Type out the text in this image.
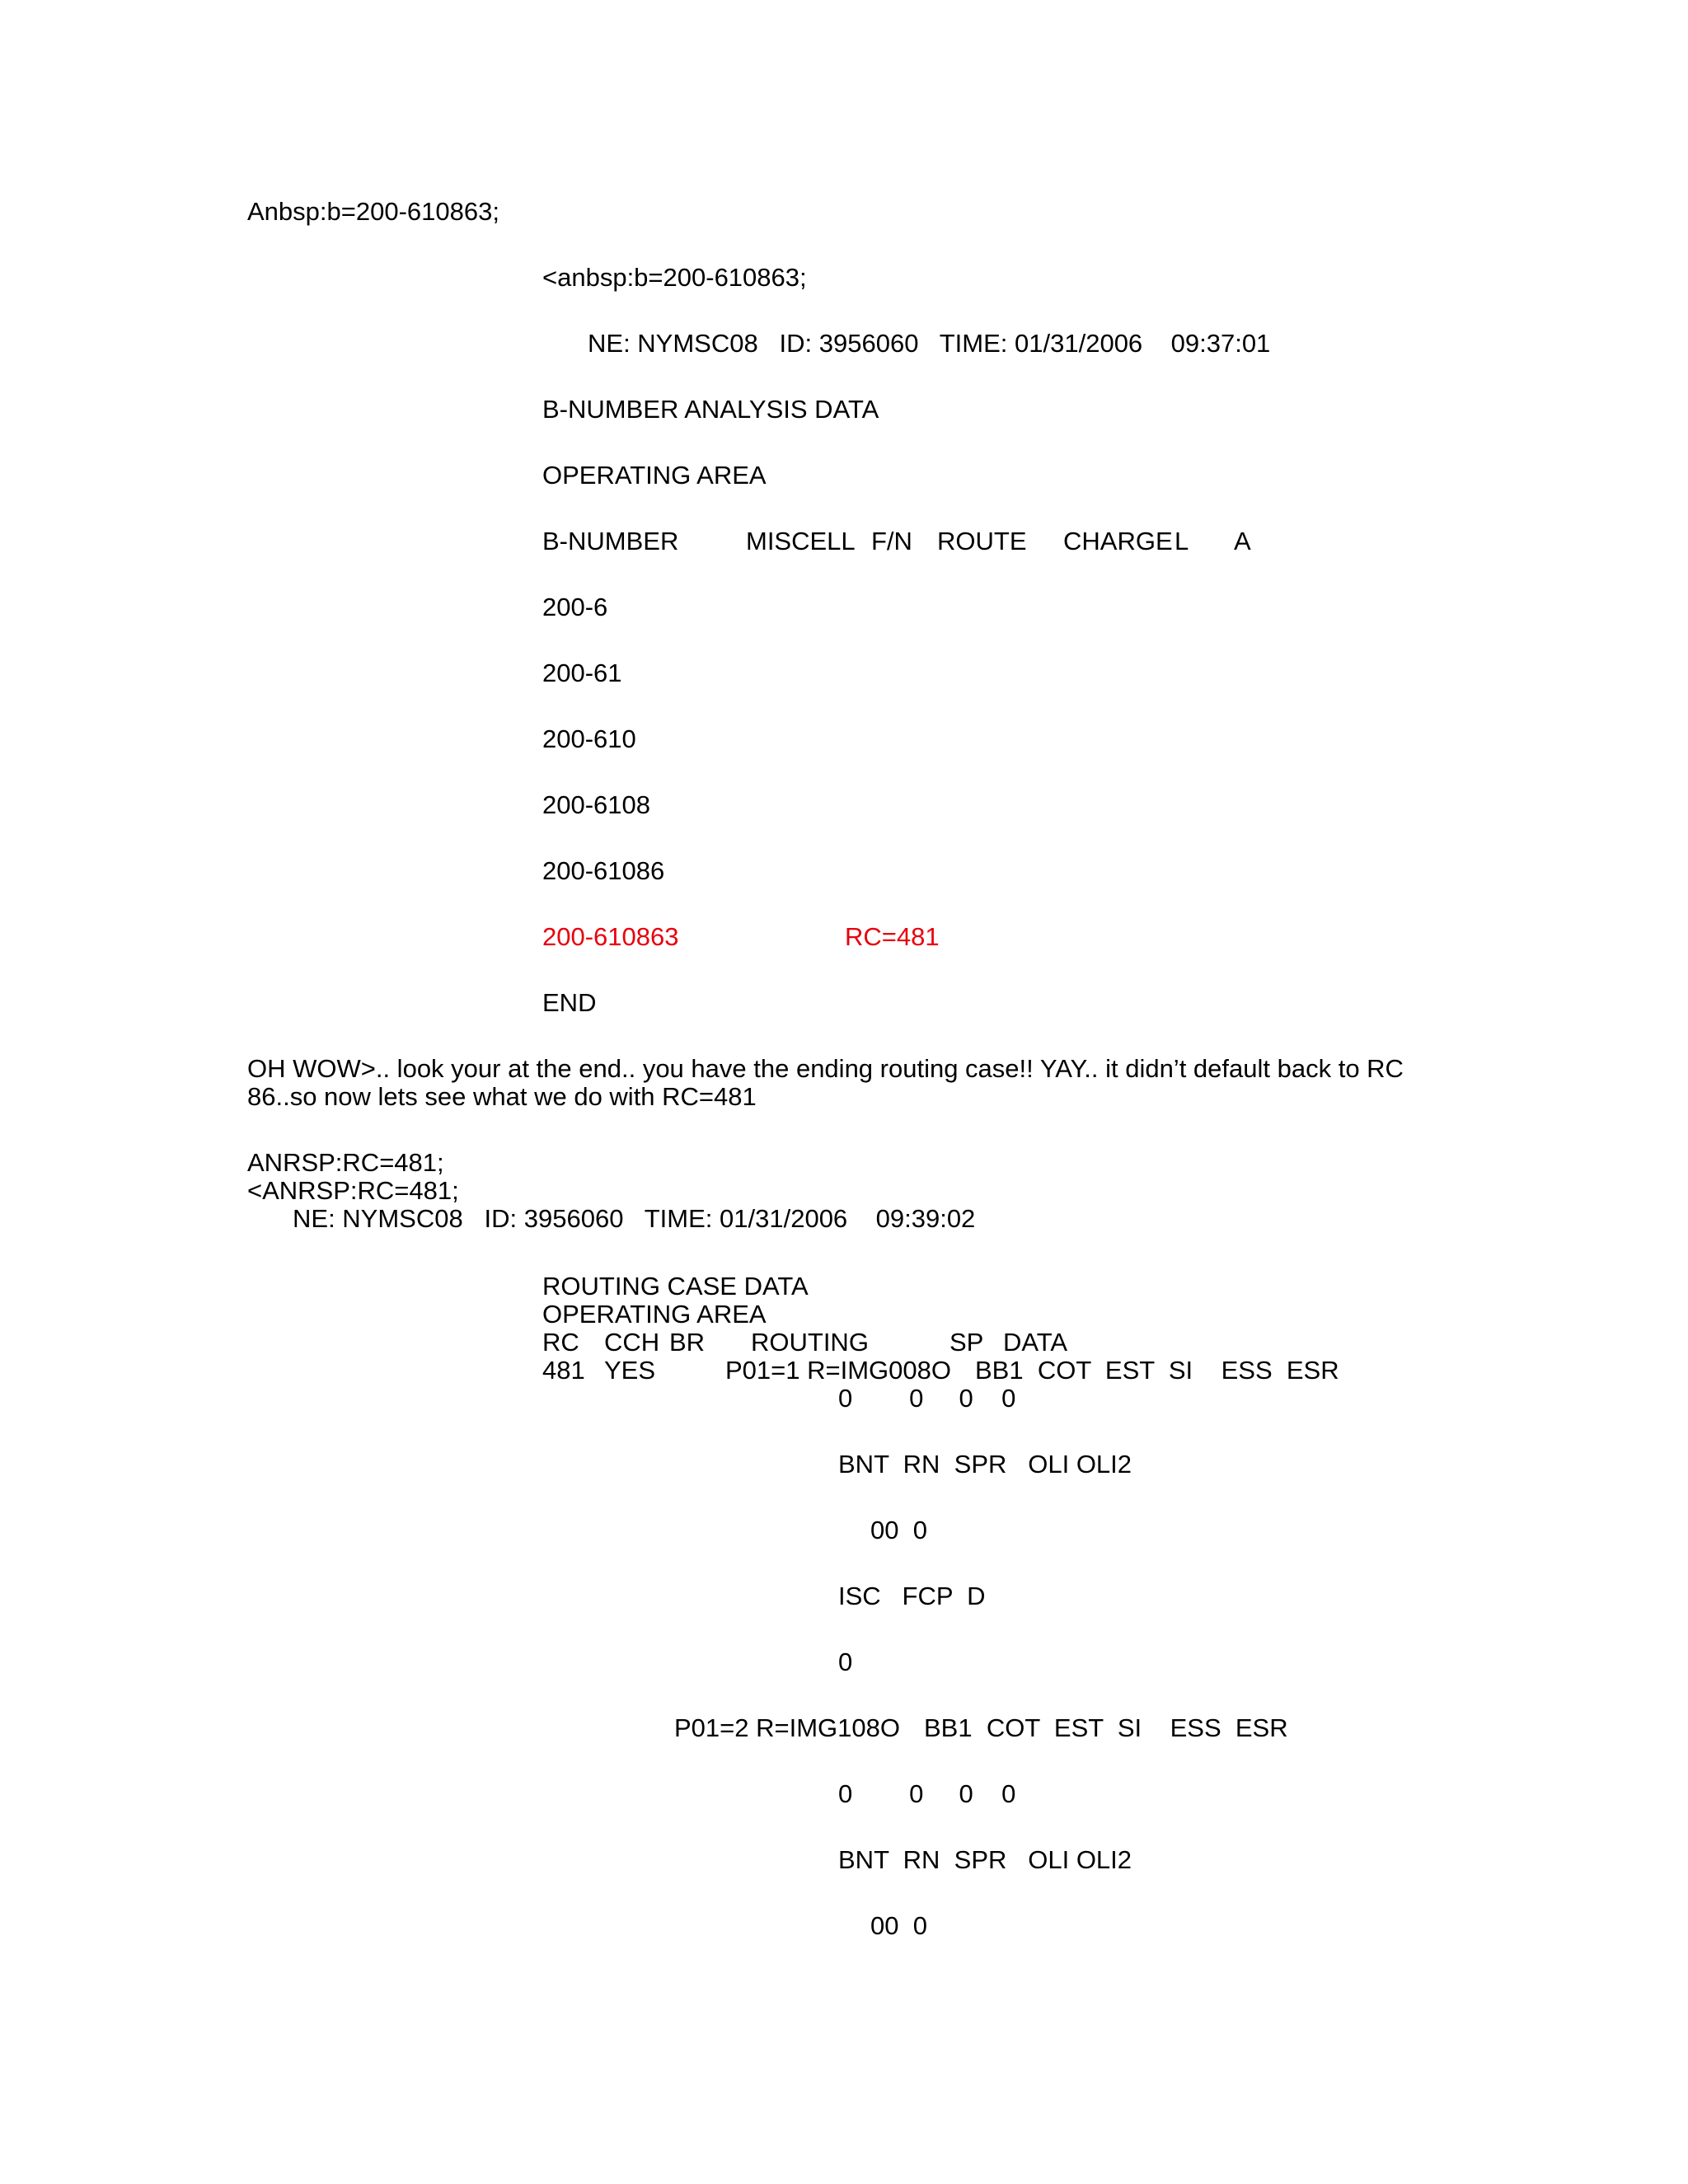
Anbsp:b=200-610863;
<anbsp:b=200-610863;
NE: NYMSC08   ID: 3956060   TIME: 01/31/2006    09:37:01
B-NUMBER ANALYSIS DATA
OPERATING AREA
B-NUMBER	MISCELL F/N ROUTE CHARGE L A
200-6
200-61
200-610
200-6108
200-61086
200-610863	RC=481
END
OH WOW>.. look your at the end.. you have the ending routing case!! YAY.. it didn’t default back to RC 86..so now lets see what we do with RC=481
ANRSP:RC=481;
<ANRSP:RC=481;
NE: NYMSC08   ID: 3956060   TIME: 01/31/2006    09:39:02
ROUTING CASE DATA
OPERATING AREA
RC CCH BR ROUTING	SP DATA
481 YES	P01=1 R=IMG008O BB1  COT  EST  SI    ESS  ESR
0        0     0    0
BNT  RN  SPR   OLI OLI2
00  0
ISC   FCP  D
0
P01=2 R=IMG108O BB1  COT  EST  SI    ESS  ESR
0        0     0    0
BNT  RN  SPR   OLI OLI2
00  0
